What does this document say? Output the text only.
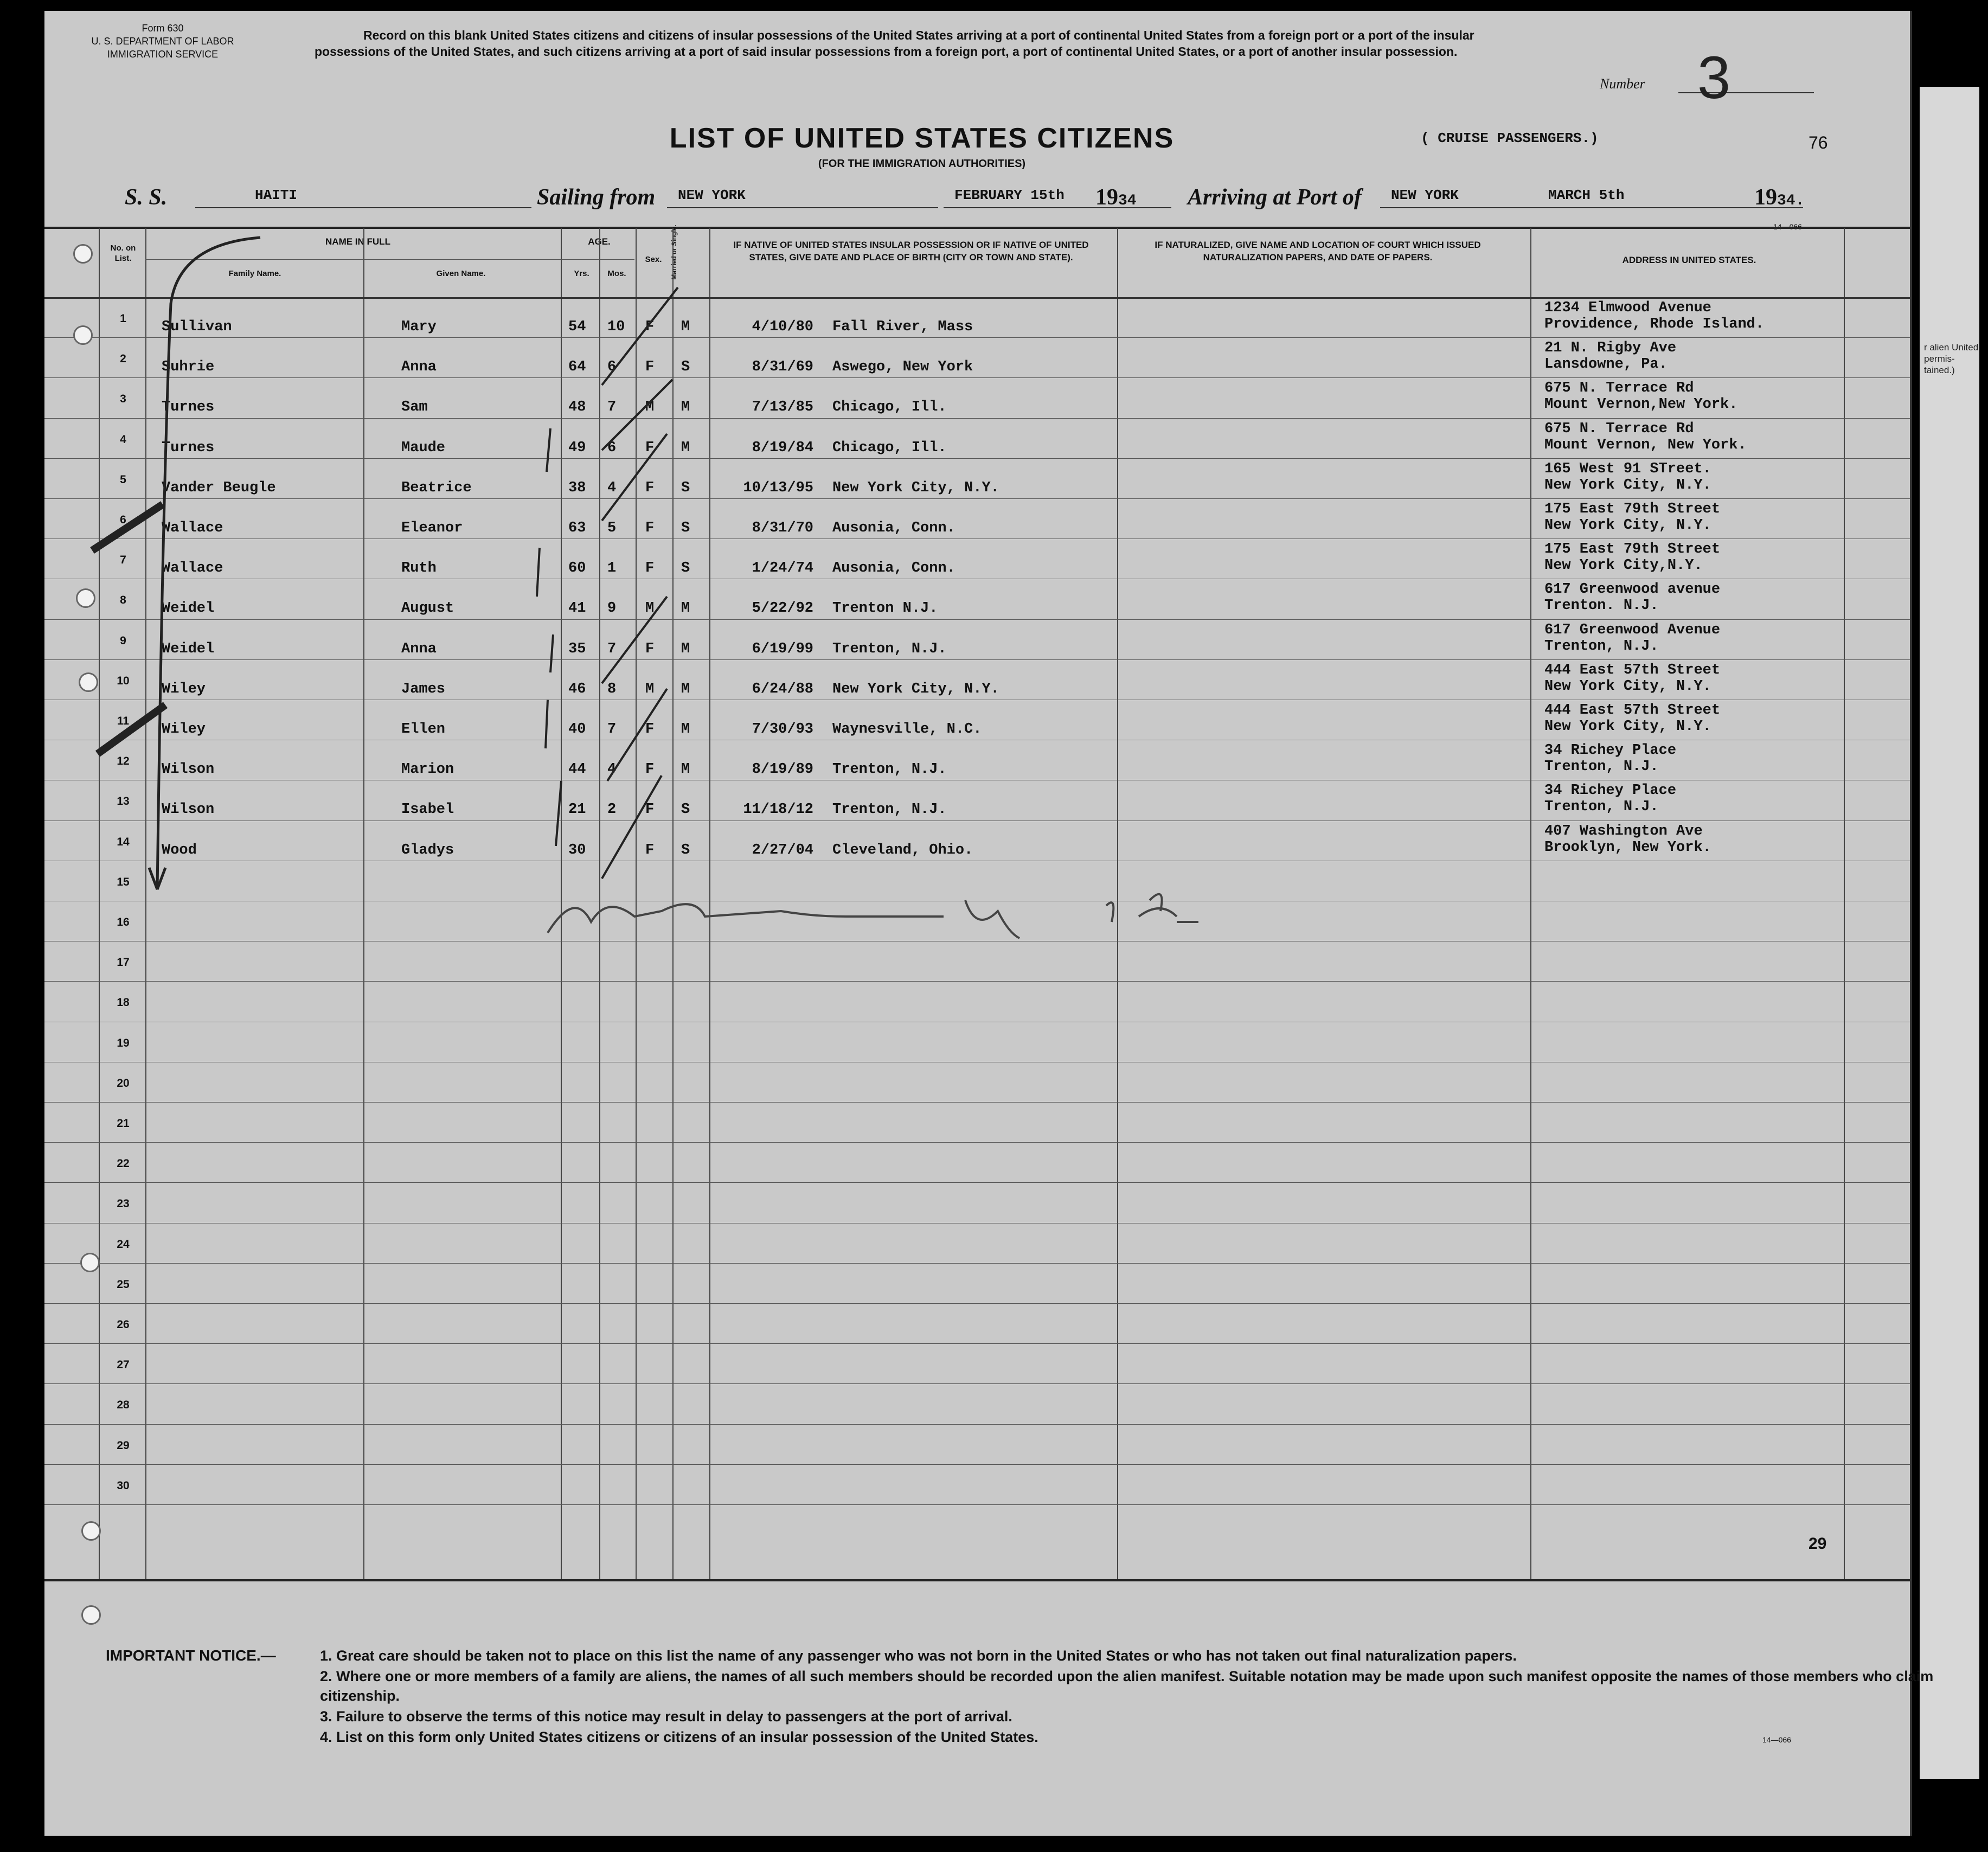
r alien United permis- tained.)
Form 630
U. S. DEPARTMENT OF LABOR
IMMIGRATION SERVICE
Record on this blank United States citizens and citizens of insular possessions of the United States arriving at a port of continental United States from a foreign port or a port of the insular possessions of the United States, and such citizens arriving at a port of said insular possessions from a foreign port, a port of continental United States, or a port of another insular possession.
Number 3
LIST OF UNITED STATES CITIZENS
(FOR THE IMMIGRATION AUTHORITIES)
( CRUISE PASSENGERS.)	76
S. S.	HAITI	Sailing from NEW YORK	FEBRUARY 15th 1934 Arriving at Port of NEW YORK	MARCH 5th	1934.
14—066
No. on List.
NAME IN FULL
Family Name.	Given Name.
AGE.
Yrs.	Mos.
Sex.	Married or Single.	IF NATIVE OF UNITED STATES INSULAR POSSESSION OR IF NATIVE OF UNITED STATES, GIVE DATE AND PLACE OF BIRTH (CITY OR TOWN AND STATE).
IF NATURALIZED, GIVE NAME AND LOCATION OF COURT WHICH ISSUED NATURALIZATION PAPERS, AND DATE OF PAPERS.	ADDRESS IN UNITED STATES.
1
Sullivan	Mary	54 10 F M	4/10/80 Fall River, Mass
1234 Elmwood Avenue
Providence, Rhode Island.
2
Suhrie	Anna	64 6 F S	8/31/69 Aswego, New York
21 N. Rigby Ave
Lansdowne, Pa.
3
Turnes	Sam	48 7 M M	7/13/85 Chicago, Ill.
675 N. Terrace Rd
Mount Vernon,New York.
4
Turnes	Maude	49 6 F M	8/19/84 Chicago, Ill.
675 N. Terrace Rd
Mount Vernon, New York.
5
Vander Beugle	Beatrice	38 4 F S	10/13/95 New York City, N.Y.
165 West 91 STreet.
New York City, N.Y.
6
Wallace	Eleanor	63 5 F S	8/31/70 Ausonia, Conn.
175 East 79th Street
New York City, N.Y.
7
Wallace	Ruth	60 1 F S	1/24/74 Ausonia, Conn.
175 East 79th Street
New York City,N.Y.
8
Weidel	August	41 9 M M	5/22/92 Trenton N.J.
617 Greenwood avenue
Trenton. N.J.
9
Weidel	Anna	35 7 F M	6/19/99 Trenton, N.J.
617 Greenwood Avenue
Trenton, N.J.
10
Wiley	James	46 8 M M	6/24/88 New York City, N.Y.
444 East 57th Street
New York City, N.Y.
11
Wiley	Ellen	40 7 F M	7/30/93 Waynesville, N.C.
444 East 57th Street
New York City, N.Y.
12
Wilson	Marion	44 4 F M	8/19/89 Trenton, N.J.
34 Richey Place
Trenton, N.J.
13
Wilson	Isabel	21 2 F S	11/18/12 Trenton, N.J.
34 Richey Place
Trenton, N.J.
14
Wood	Gladys	30	F S	2/27/04 Cleveland, Ohio.
407 Washington Ave
Brooklyn, New York.
15
16
17
18
19
20
21
22
23
24
25
26
27
28
29
30
29
IMPORTANT NOTICE.—	1. Great care should be taken not to place on this list the name of any passenger who was not born in the United States or who has not taken out final naturalization papers.
2. Where one or more members of a family are aliens, the names of all such members should be recorded upon the alien manifest. Suitable notation may be made upon such manifest opposite the names of those members who claim citizenship.
3. Failure to observe the terms of this notice may result in delay to passengers at the port of arrival.
4. List on this form only United States citizens or citizens of an insular possession of the United States.	14—066
